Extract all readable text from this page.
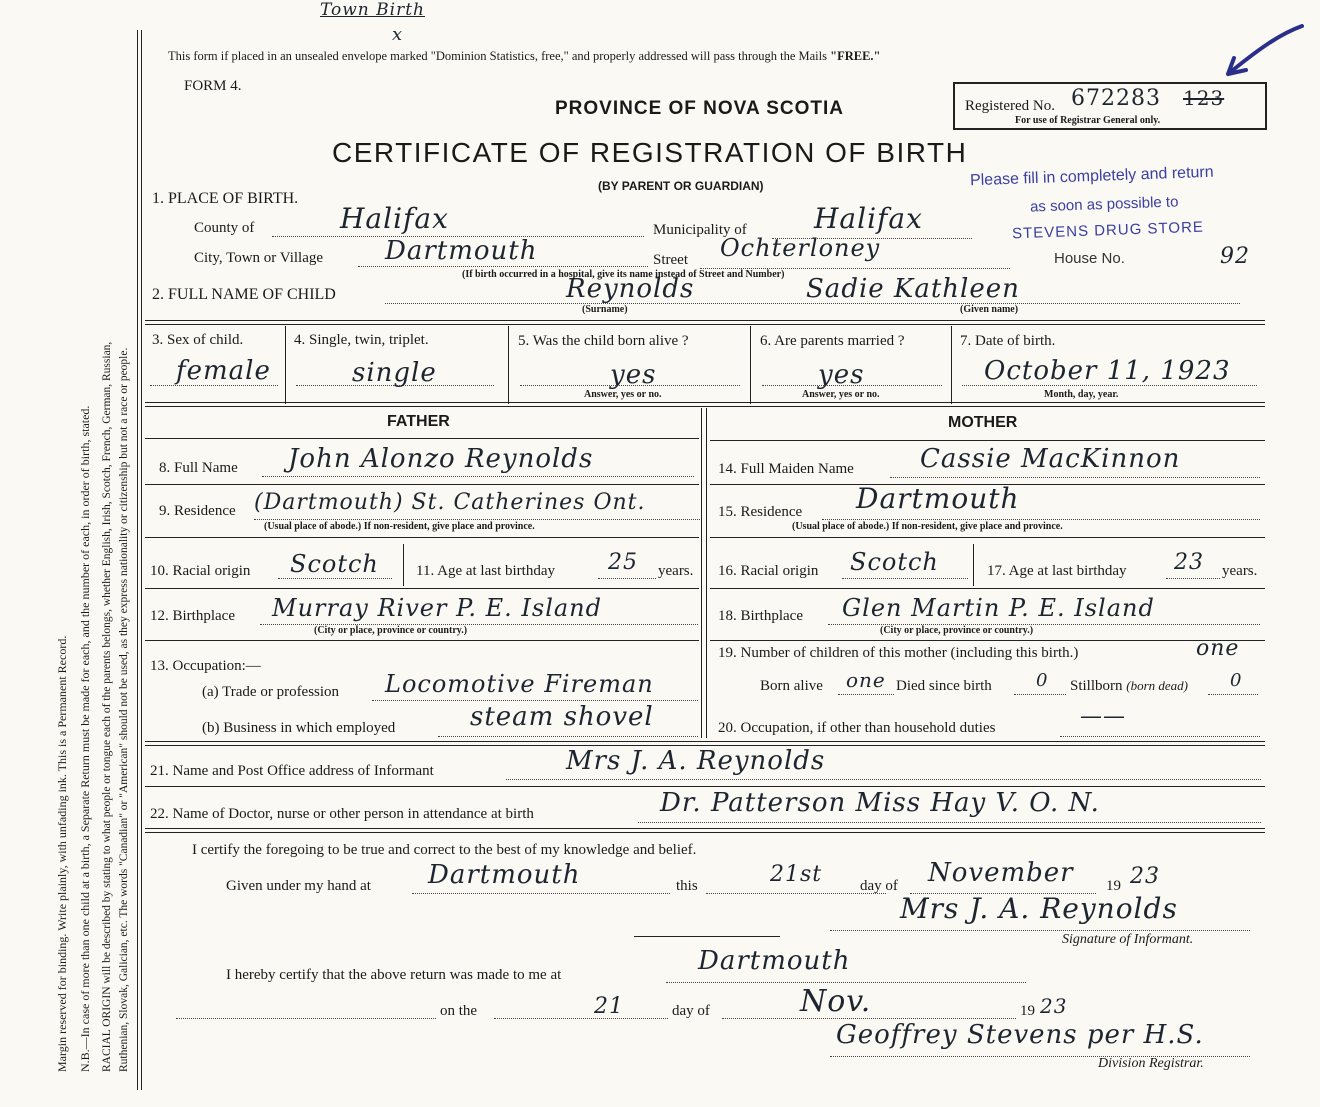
Margin reserved for binding. Write plainly, with unfading ink. This is a Permanent Record. N.B.—In case of more than one child at a birth, a Separate Return must be made for each, and the number of each, in order of birth, stated. RACIAL ORIGIN will be described by stating to what people or tongue each of the parents belongs, whether English, Irish, Scotch, French, German, Russian, Ruthenian, Slovak, Galician, etc. The words "Canadian" or "American" should not be used, as they express nationality or citizenship but not a race or people.
Town Birth
x
This form if placed in an unsealed envelope marked "Dominion Statistics, free," and properly addressed will pass through the Mails "FREE."
FORM 4.
PROVINCE OF NOVA SCOTIA
CERTIFICATE OF REGISTRATION OF BIRTH
(BY PARENT OR GUARDIAN)
Registered No. 672283 123
For use of Registrar General only.
Please fill in completely and return
as soon as possible to
STEVENS DRUG STORE
1. PLACE OF BIRTH.
County of	Halifax	Municipality of Halifax
City, Town or Village Dartmouth	Street Ochterloney	House No.	92
(If birth occurred in a hospital, give its name instead of Street and Number)
2. FULL NAME OF CHILD	Reynolds	Sadie Kathleen
(Surname)	(Given name)
3. Sex of child.
female
4. Single, twin, triplet.
single
5. Was the child born alive ?
yes
Answer, yes or no.
6. Are parents married ?
yes
Answer, yes or no.
7. Date of birth.
October 11, 1923
Month, day, year.
FATHER	MOTHER
8. Full Name John Alonzo Reynolds
9. Residence (Dartmouth) St. Catherines Ont.
(Usual place of abode.) If non-resident, give place and province.
10. Racial origin Scotch 11. Age at last birthday 25 years.
12. Birthplace Murray River P. E. Island
(City or place, province or country.)
13. Occupation:—
(a) Trade or profession Locomotive Fireman
(b) Business in which employed	steam shovel
14. Full Maiden Name	Cassie MacKinnon
15. Residence Dartmouth
(Usual place of abode.) If non-resident, give place and province.
16. Racial origin Scotch	17. Age at last birthday 23 years.
18. Birthplace Glen Martin P. E. Island
(City or place, province or country.)
19. Number of children of this mother (including this birth.)	one
Born alive one Died since birth 0 Stillborn (born dead) 0
20. Occupation, if other than household duties	——
21. Name and Post Office address of Informant	Mrs J. A. Reynolds
22. Name of Doctor, nurse or other person in attendance at birth	Dr. Patterson Miss Hay V. O. N.
I certify the foregoing to be true and correct to the best of my knowledge and belief.
Given under my hand at Dartmouth	this	21st	day of November 19 23
Mrs J. A. Reynolds
Signature of Informant.
I hereby certify that the above return was made to me at	Dartmouth
on the	21	day of	Nov.	19 23
Geoffrey Stevens per H.S.
Division Registrar.
